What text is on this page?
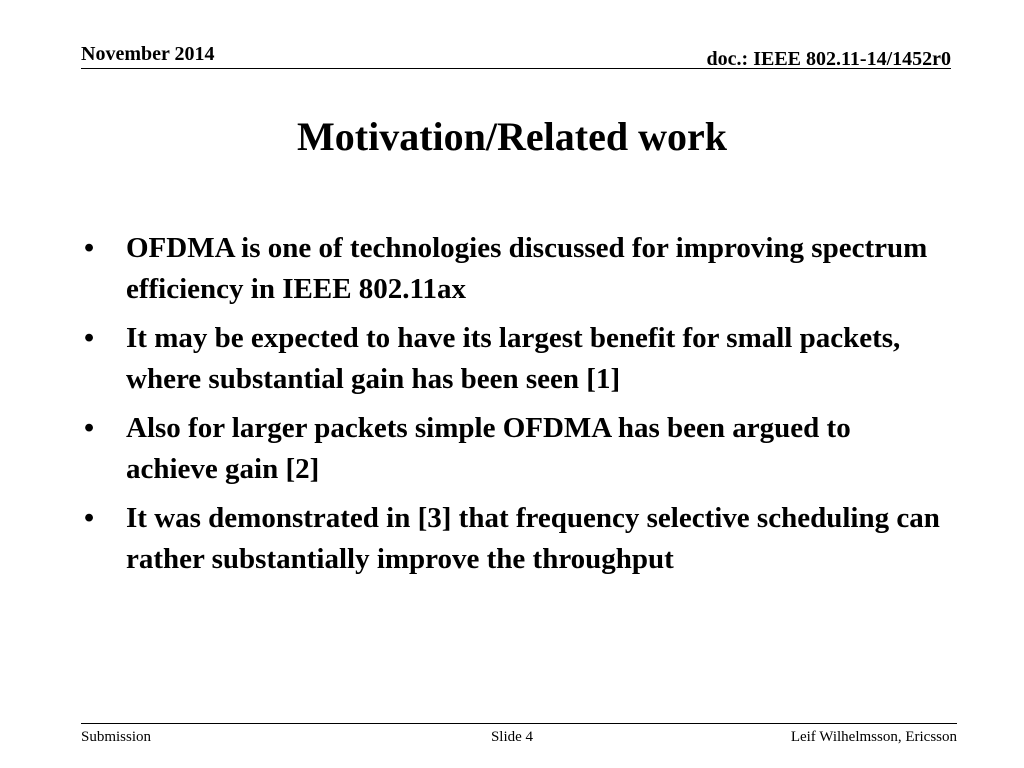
November 2014	doc.: IEEE 802.11-14/1452r0
Motivation/Related work
• OFDMA is one of technologies discussed for improving spectrum efficiency in IEEE 802.11ax
• It may be expected to have its largest benefit for small packets, where substantial gain has been seen [1]
• Also for larger packets simple OFDMA has been argued to achieve gain [2]
• It was demonstrated in [3] that frequency selective scheduling can rather substantially improve the throughput
Submission	Slide 4	Leif Wilhelmsson, Ericsson
